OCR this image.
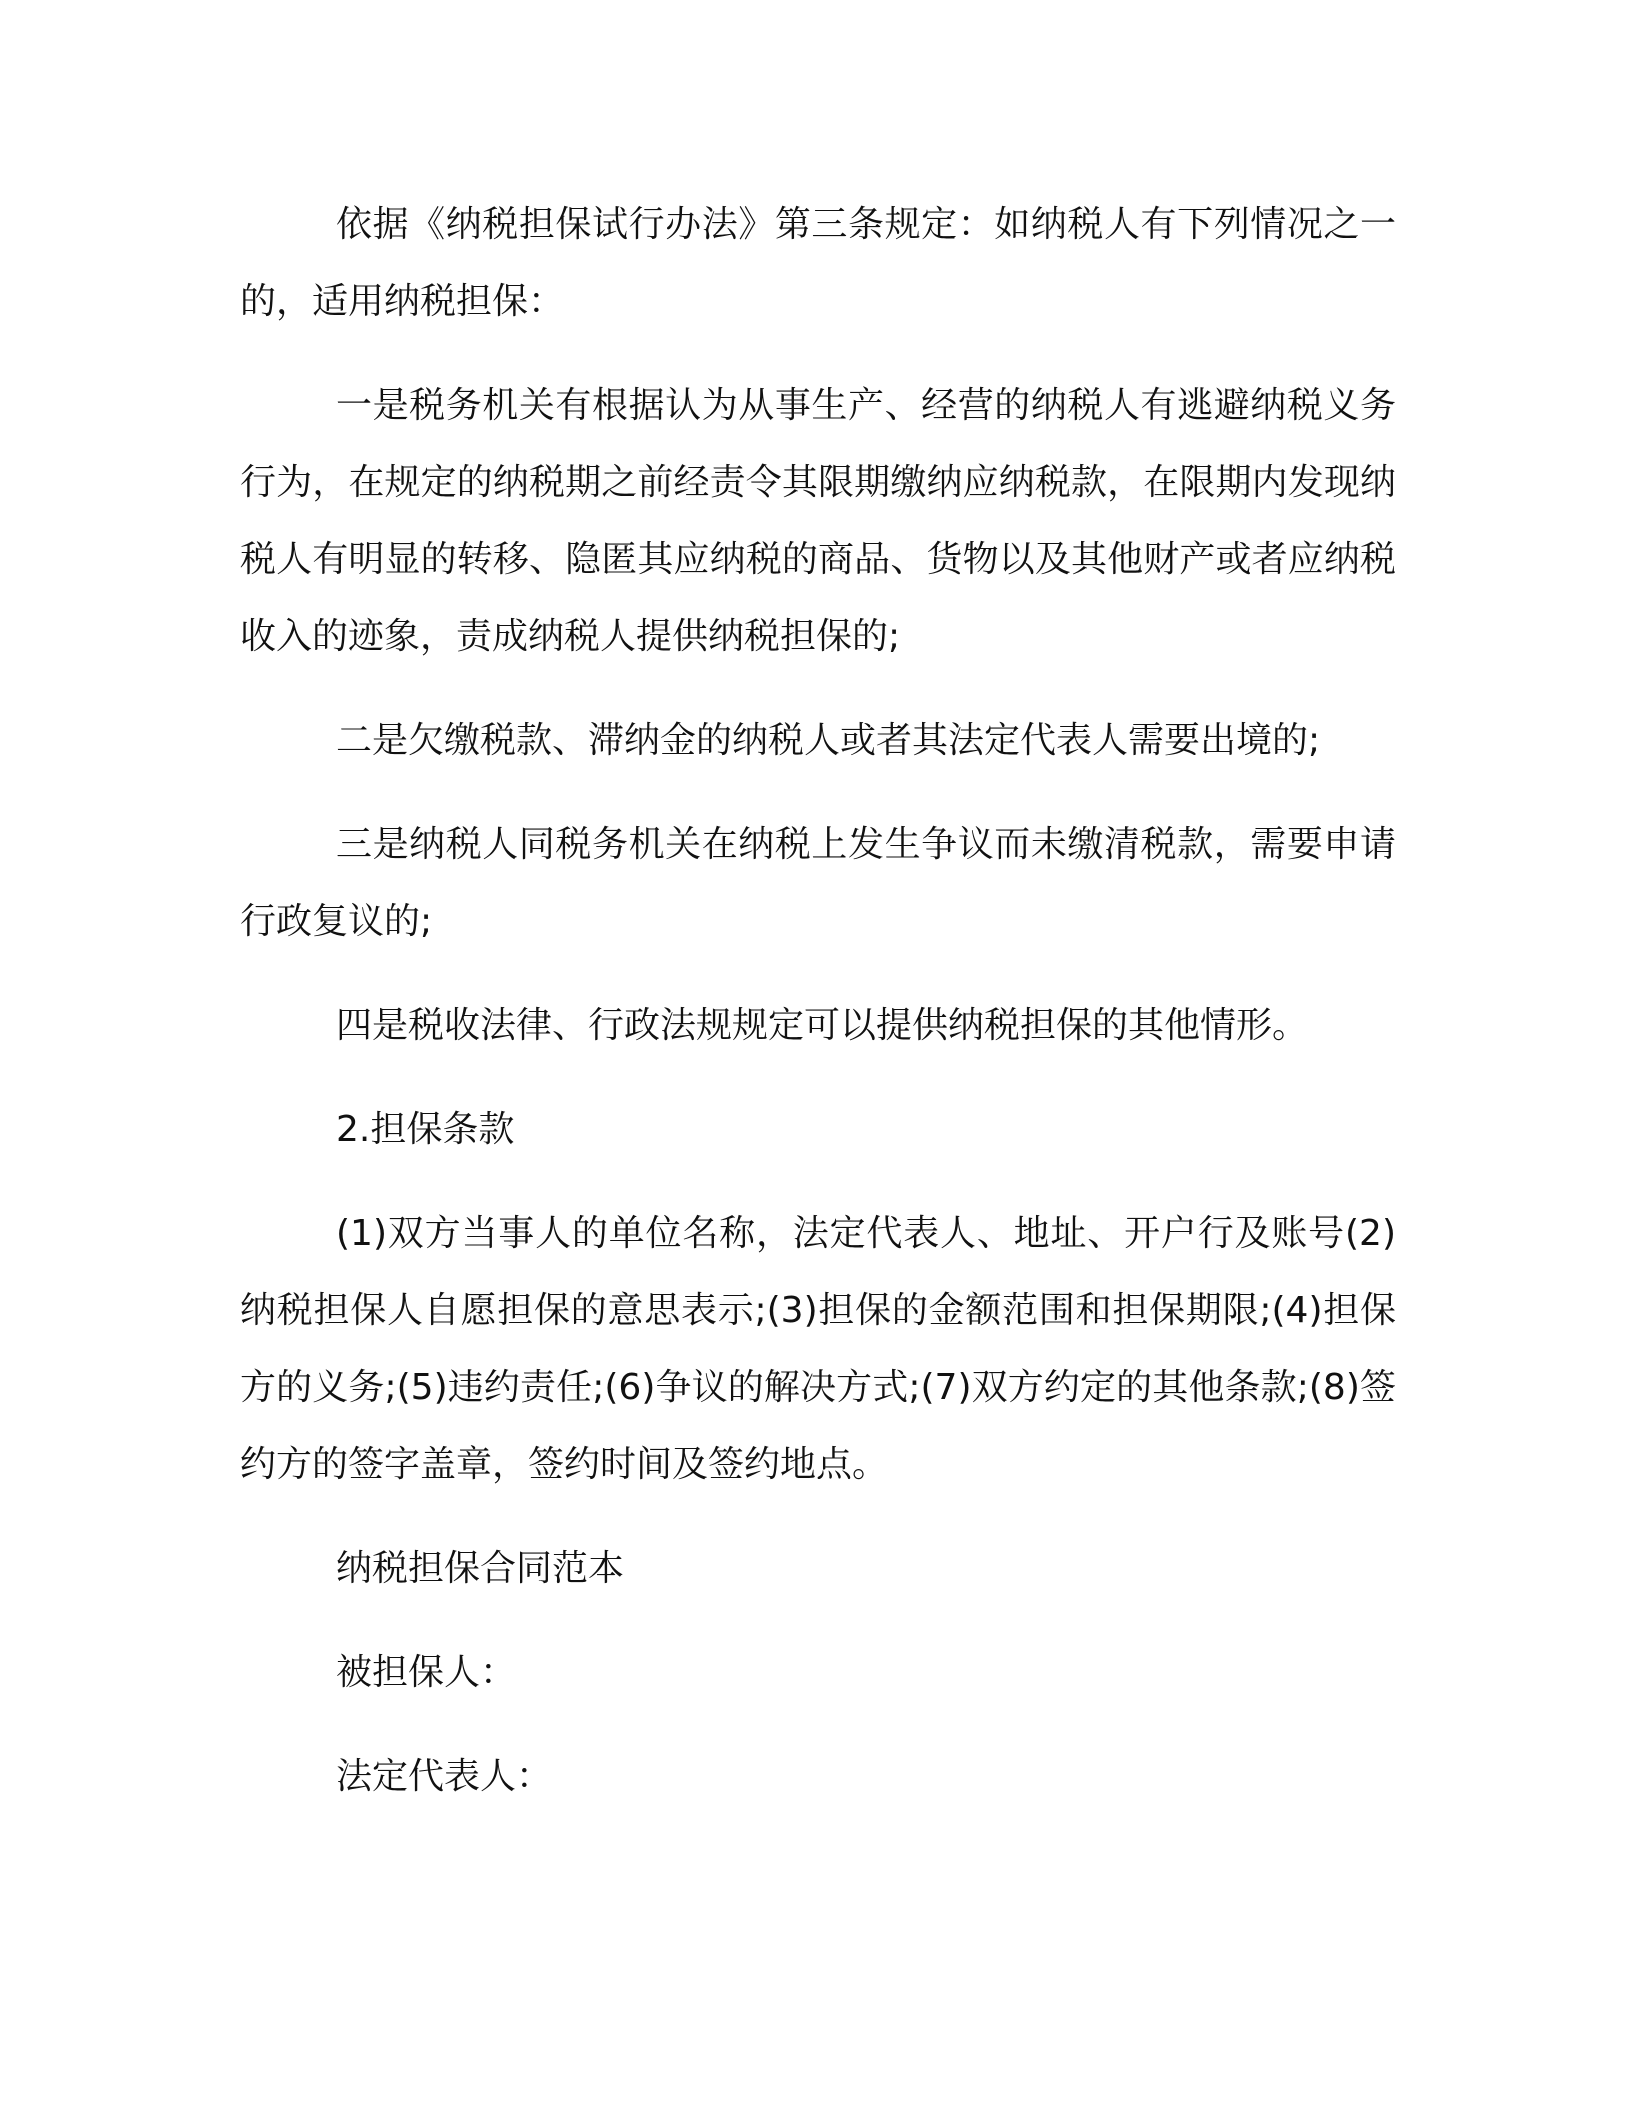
依据《纳税担保试行办法》第三条规定：如纳税人有下列情况之一的，适用纳税担保：

一是税务机关有根据认为从事生产、经营的纳税人有逃避纳税义务行为，在规定的纳税期之前经责令其限期缴纳应纳税款，在限期内发现纳税人有明显的转移、隐匿其应纳税的商品、货物以及其他财产或者应纳税收入的迹象，责成纳税人提供纳税担保的;

二是欠缴税款、滞纳金的纳税人或者其法定代表人需要出境的;

三是纳税人同税务机关在纳税上发生争议而未缴清税款，需要申请行政复议的;

四是税收法律、行政法规规定可以提供纳税担保的其他情形。

2.担保条款

(1)双方当事人的单位名称，法定代表人、地址、开户行及账号(2)纳税担保人自愿担保的意思表示;(3)担保的金额范围和担保期限;(4)担保方的义务;(5)违约责任;(6)争议的解决方式;(7)双方约定的其他条款;(8)签约方的签字盖章，签约时间及签约地点。

纳税担保合同范本

被担保人：

法定代表人：
